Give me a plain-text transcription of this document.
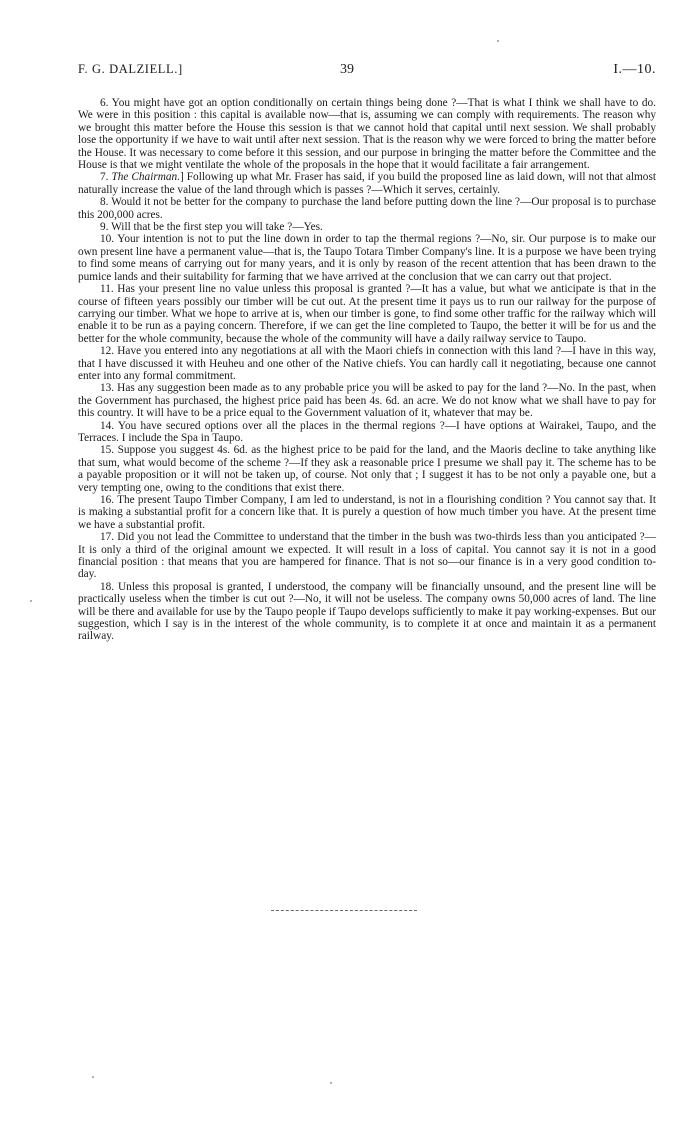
F. G. DALZIELL.]	39	I.—10.

6. You might have got an option conditionally on certain things being done ?—That is what I think we shall have to do. We were in this position : this capital is available now—that is, assuming we can comply with requirements. The reason why we brought this matter before the House this session is that we cannot hold that capital until next session. We shall probably lose the opportunity if we have to wait until after next session. That is the reason why we were forced to bring the matter before the House. It was necessary to come before it this session, and our purpose in bringing the matter before the Committee and the House is that we might ventilate the whole of the proposals in the hope that it would facilitate a fair arrangement.

7. The Chairman.] Following up what Mr. Fraser has said, if you build the proposed line as laid down, will not that almost naturally increase the value of the land through which is passes ?—Which it serves, certainly.

8. Would it not be better for the company to purchase the land before putting down the line ?—Our proposal is to purchase this 200,000 acres.

9. Will that be the first step you will take ?—Yes.

10. Your intention is not to put the line down in order to tap the thermal regions ?—No, sir. Our purpose is to make our own present line have a permanent value—that is, the Taupo Totara Timber Company's line. It is a purpose we have been trying to find some means of carrying out for many years, and it is only by reason of the recent attention that has been drawn to the pumice lands and their suitability for farming that we have arrived at the conclusion that we can carry out that project.

11. Has your present line no value unless this proposal is granted ?—It has a value, but what we anticipate is that in the course of fifteen years possibly our timber will be cut out. At the present time it pays us to run our railway for the purpose of carrying our timber. What we hope to arrive at is, when our timber is gone, to find some other traffic for the railway which will enable it to be run as a paying concern. Therefore, if we can get the line completed to Taupo, the better it will be for us and the better for the whole community, because the whole of the community will have a daily railway service to Taupo.

12. Have you entered into any negotiations at all with the Maori chiefs in connection with this land ?—I have in this way, that I have discussed it with Heuheu and one other of the Native chiefs. You can hardly call it negotiating, because one cannot enter into any formal commitment.

13. Has any suggestion been made as to any probable price you will be asked to pay for the land ?—No. In the past, when the Government has purchased, the highest price paid has been 4s. 6d. an acre. We do not know what we shall have to pay for this country. It will have to be a price equal to the Government valuation of it, whatever that may be.

14. You have secured options over all the places in the thermal regions ?—I have options at Wairakei, Taupo, and the Terraces. I include the Spa in Taupo.

15. Suppose you suggest 4s. 6d. as the highest price to be paid for the land, and the Maoris decline to take anything like that sum, what would become of the scheme ?—If they ask a reasonable price I presume we shall pay it. The scheme has to be a payable proposition or it will not be taken up, of course. Not only that ; I suggest it has to be not only a payable one, but a very tempting one, owing to the conditions that exist there.

16. The present Taupo Timber Company, I am led to understand, is not in a flourishing condition ? You cannot say that. It is making a substantial profit for a concern like that. It is purely a question of how much timber you have. At the present time we have a substantial profit.

17. Did you not lead the Committee to understand that the timber in the bush was two-thirds less than you anticipated ?—It is only a third of the original amount we expected. It will result in a loss of capital. You cannot say it is not in a good financial position : that means that you are hampered for finance. That is not so—our finance is in a very good condition to-day.

18. Unless this proposal is granted, I understood, the company will be financially unsound, and the present line will be practically useless when the timber is cut out ?—No, it will not be useless. The company owns 50,000 acres of land. The line will be there and available for use by the Taupo people if Taupo develops sufficiently to make it pay working-expenses. But our suggestion, which I say is in the interest of the whole community, is to complete it at once and maintain it as a permanent railway.
